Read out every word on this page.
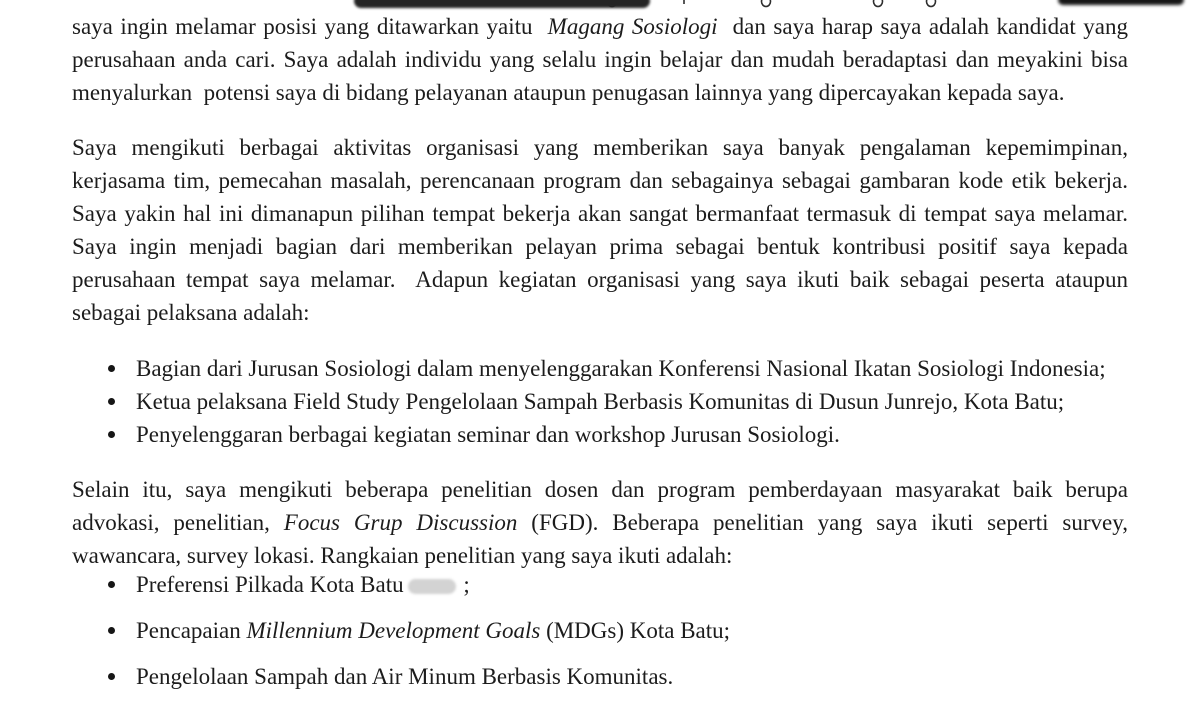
saya ingin melamar posisi yang ditawarkan yaitu  Magang Sosiologi  dan saya harap saya adalah kandidat yang
perusahaan anda cari. Saya adalah individu yang selalu ingin belajar dan mudah beradaptasi dan meyakini bisa
menyalurkan  potensi saya di bidang pelayanan ataupun penugasan lainnya yang dipercayakan kepada saya.
Saya mengikuti berbagai aktivitas organisasi yang memberikan saya banyak pengalaman kepemimpinan,
kerjasama tim, pemecahan masalah, perencanaan program dan sebagainya sebagai gambaran kode etik bekerja.
Saya yakin hal ini dimanapun pilihan tempat bekerja akan sangat bermanfaat termasuk di tempat saya melamar.
Saya ingin menjadi bagian dari memberikan pelayan prima sebagai bentuk kontribusi positif saya kepada
perusahaan tempat saya melamar.  Adapun kegiatan organisasi yang saya ikuti baik sebagai peserta ataupun
sebagai pelaksana adalah:
Bagian dari Jurusan Sosiologi dalam menyelenggarakan Konferensi Nasional Ikatan Sosiologi Indonesia;
Ketua pelaksana Field Study Pengelolaan Sampah Berbasis Komunitas di Dusun Junrejo, Kota Batu;
Penyelenggaran berbagai kegiatan seminar dan workshop Jurusan Sosiologi.
Selain itu, saya mengikuti beberapa penelitian dosen dan program pemberdayaan masyarakat baik berupa
advokasi, penelitian, Focus Grup Discussion (FGD). Beberapa penelitian yang saya ikuti seperti survey,
wawancara, survey lokasi. Rangkaian penelitian yang saya ikuti adalah:
Preferensi Pilkada Kota Batu ;
Pencapaian Millennium Development Goals (MDGs) Kota Batu;
Pengelolaan Sampah dan Air Minum Berbasis Komunitas.
